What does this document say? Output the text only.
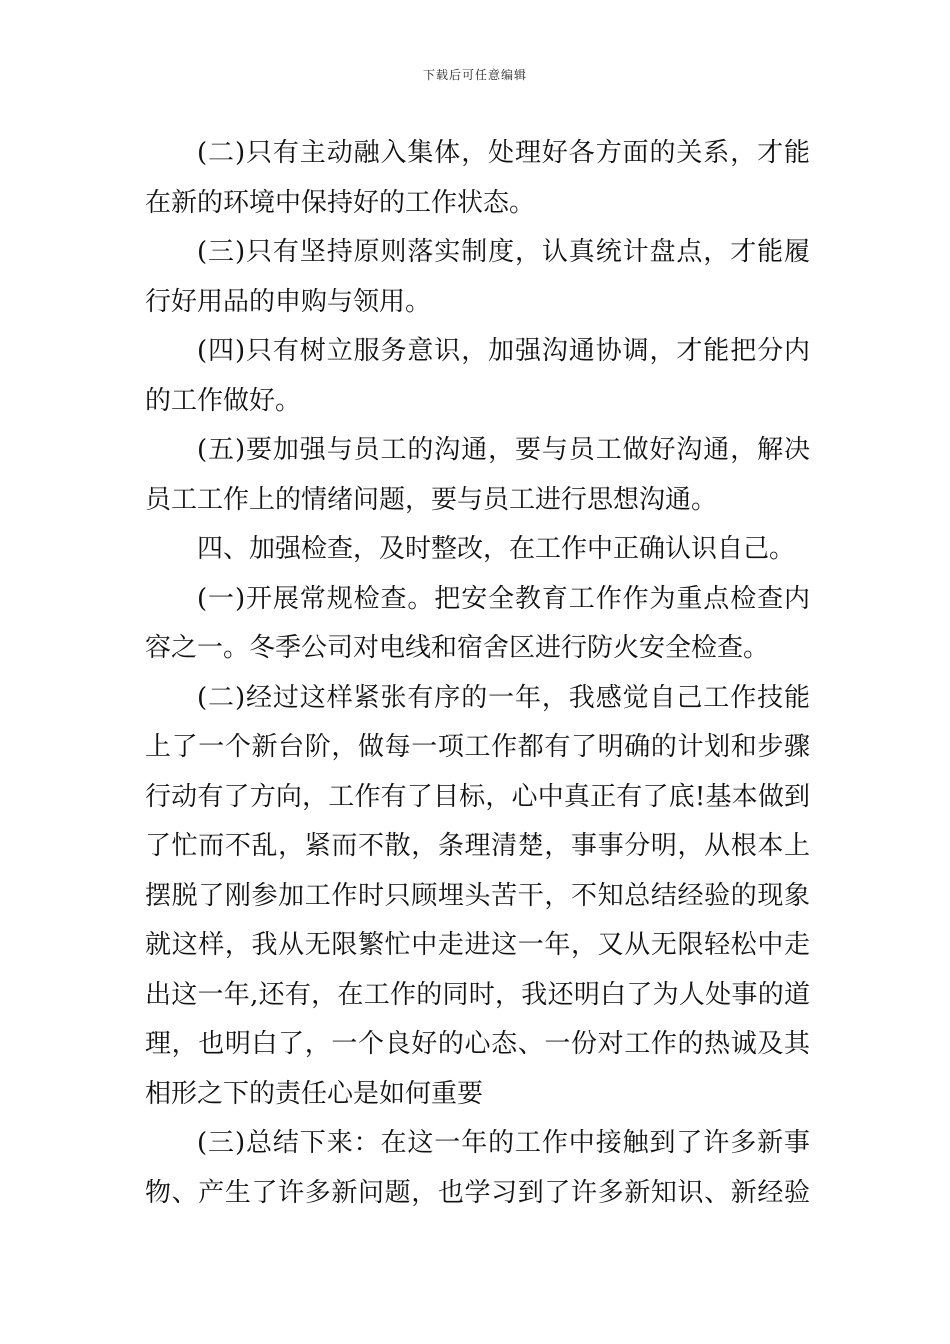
下载后可任意编辑
(二)只有主动融入集体，处理好各方面的关系，才能
在新的环境中保持好的工作状态。
(三)只有坚持原则落实制度，认真统计盘点，才能履
行好用品的申购与领用。
(四)只有树立服务意识，加强沟通协调，才能把分内
的工作做好。
(五)要加强与员工的沟通，要与员工做好沟通，解决
员工工作上的情绪问题，要与员工进行思想沟通。
四、加强检查，及时整改，在工作中正确认识自己。
(一)开展常规检查。把安全教育工作作为重点检查内
容之一。冬季公司对电线和宿舍区进行防火安全检查。
(二)经过这样紧张有序的一年，我感觉自己工作技能
上了一个新台阶，做每一项工作都有了明确的计划和步骤
行动有了方向，工作有了目标，心中真正有了底!基本做到
了忙而不乱，紧而不散，条理清楚，事事分明，从根本上
摆脱了刚参加工作时只顾埋头苦干，不知总结经验的现象
就这样，我从无限繁忙中走进这一年，又从无限轻松中走
出这一年,还有，在工作的同时，我还明白了为人处事的道
理，也明白了，一个良好的心态、一份对工作的热诚及其
相形之下的责任心是如何重要
(三)总结下来：在这一年的工作中接触到了许多新事
物、产生了许多新问题，也学习到了许多新知识、新经验
